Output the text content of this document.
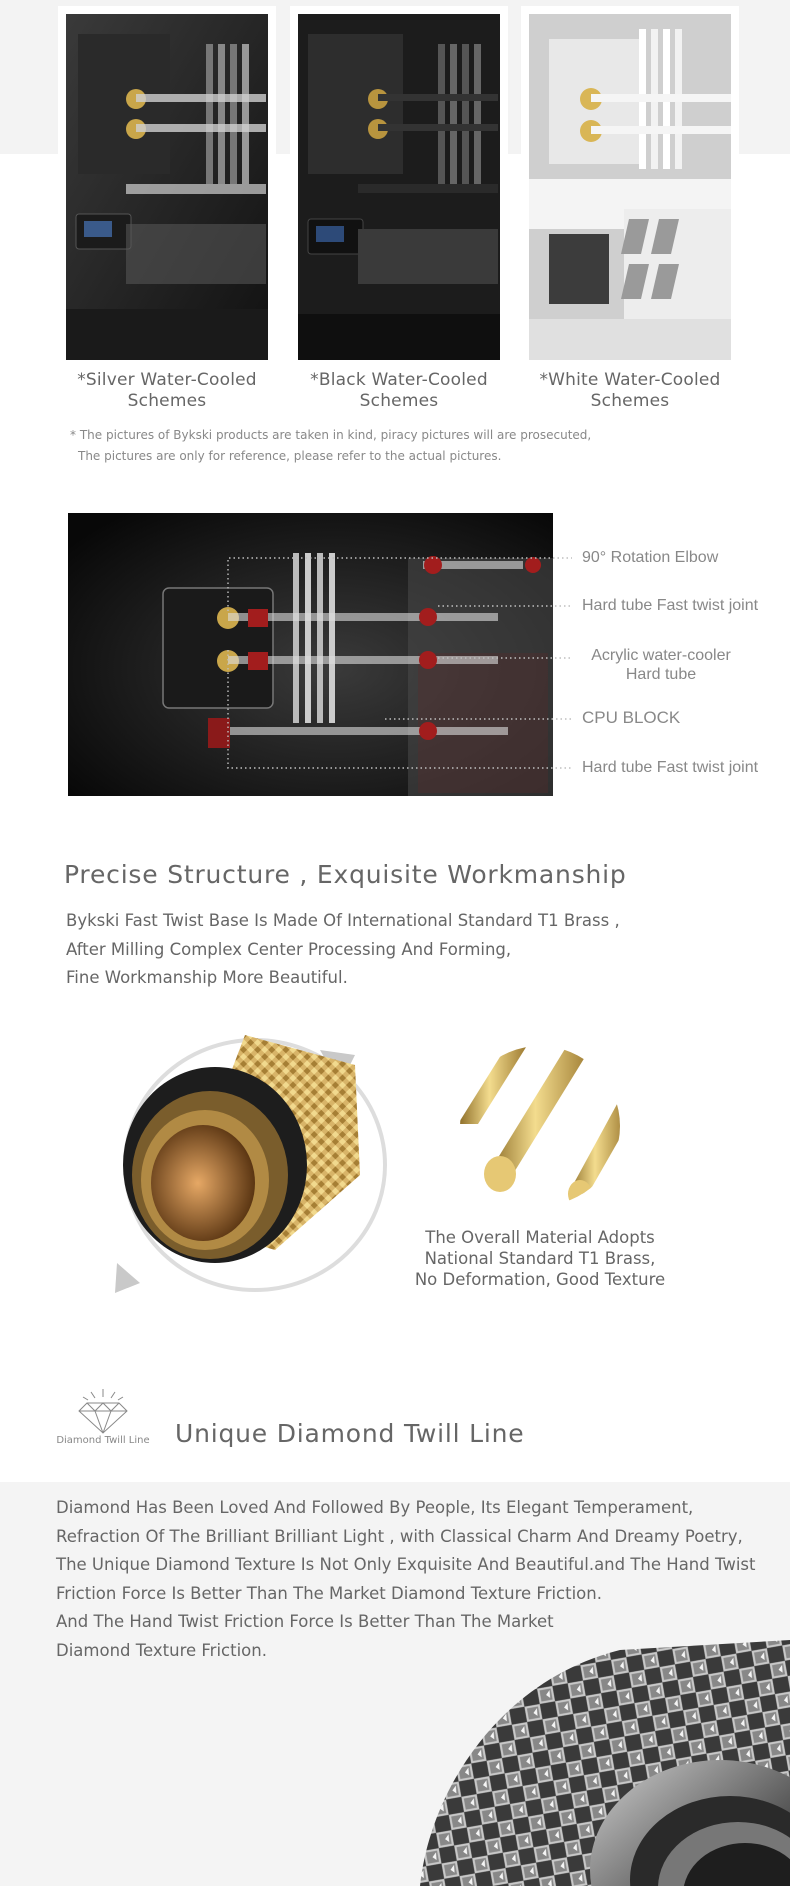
*Silver Water-Cooled
Schemes
*Black Water-Cooled
Schemes
*White Water-Cooled
Schemes
* The pictures of Bykski products are taken in kind, piracy pictures will are prosecuted,
The pictures are only for reference, please refer to the actual pictures.
90° Rotation Elbow
Hard tube Fast twist joint
Acrylic water-cooler
Hard tube
CPU BLOCK
Hard tube Fast twist joint
Precise Structure , Exquisite Workmanship
Bykski Fast Twist Base Is Made Of International Standard T1 Brass ,
After Milling Complex Center Processing And Forming,
Fine Workmanship More Beautiful.
The Overall Material Adopts
National Standard T1 Brass,
No Deformation, Good Texture
Diamond Twill Line	Unique Diamond Twill Line
Diamond Has Been Loved And Followed By People, Its Elegant Temperament,
Refraction Of The Brilliant Brilliant Light , with Classical Charm And Dreamy Poetry,
The Unique Diamond Texture Is Not Only Exquisite And Beautiful.and The Hand Twist
Friction Force Is Better Than The Market Diamond Texture Friction.
And The Hand Twist Friction Force Is Better Than The Market
Diamond Texture Friction.
